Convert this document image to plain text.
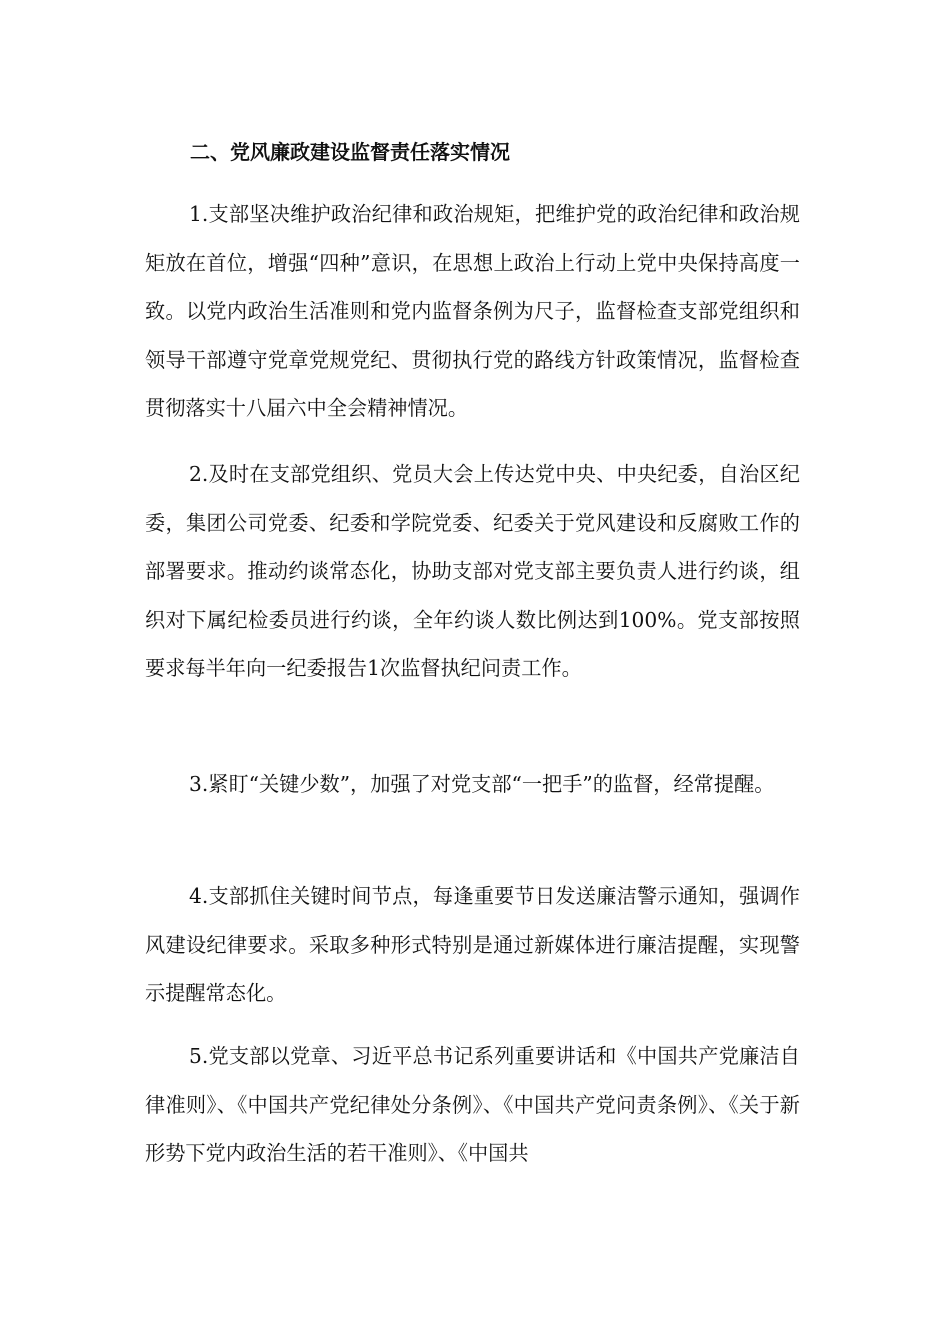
二、党风廉政建设监督责任落实情况

1.支部坚决维护政治纪律和政治规矩，把维护党的政治纪律和政治规矩放在首位，增强“四种”意识，在思想上政治上行动上党中央保持高度一致。以党内政治生活准则和党内监督条例为尺子，监督检查支部党组织和领导干部遵守党章党规党纪、贯彻执行党的路线方针政策情况，监督检查贯彻落实十八届六中全会精神情况。

2.及时在支部党组织、党员大会上传达党中央、中央纪委，自治区纪委，集团公司党委、纪委和学院党委、纪委关于党风建设和反腐败工作的部署要求。推动约谈常态化，协助支部对党支部主要负责人进行约谈，组织对下属纪检委员进行约谈，全年约谈人数比例达到100%。党支部按照要求每半年向一纪委报告1次监督执纪问责工作。

3.紧盯“关键少数”，加强了对党支部“一把手”的监督，经常提醒。

4.支部抓住关键时间节点，每逢重要节日发送廉洁警示通知，强调作风建设纪律要求。采取多种形式特别是通过新媒体进行廉洁提醒，实现警示提醒常态化。

5.党支部以党章、习近平总书记系列重要讲话和《中国共产党廉洁自律准则》、《中国共产党纪律处分条例》、《中国共产党问责条例》、《关于新形势下党内政治生活的若干准则》、《中国共
